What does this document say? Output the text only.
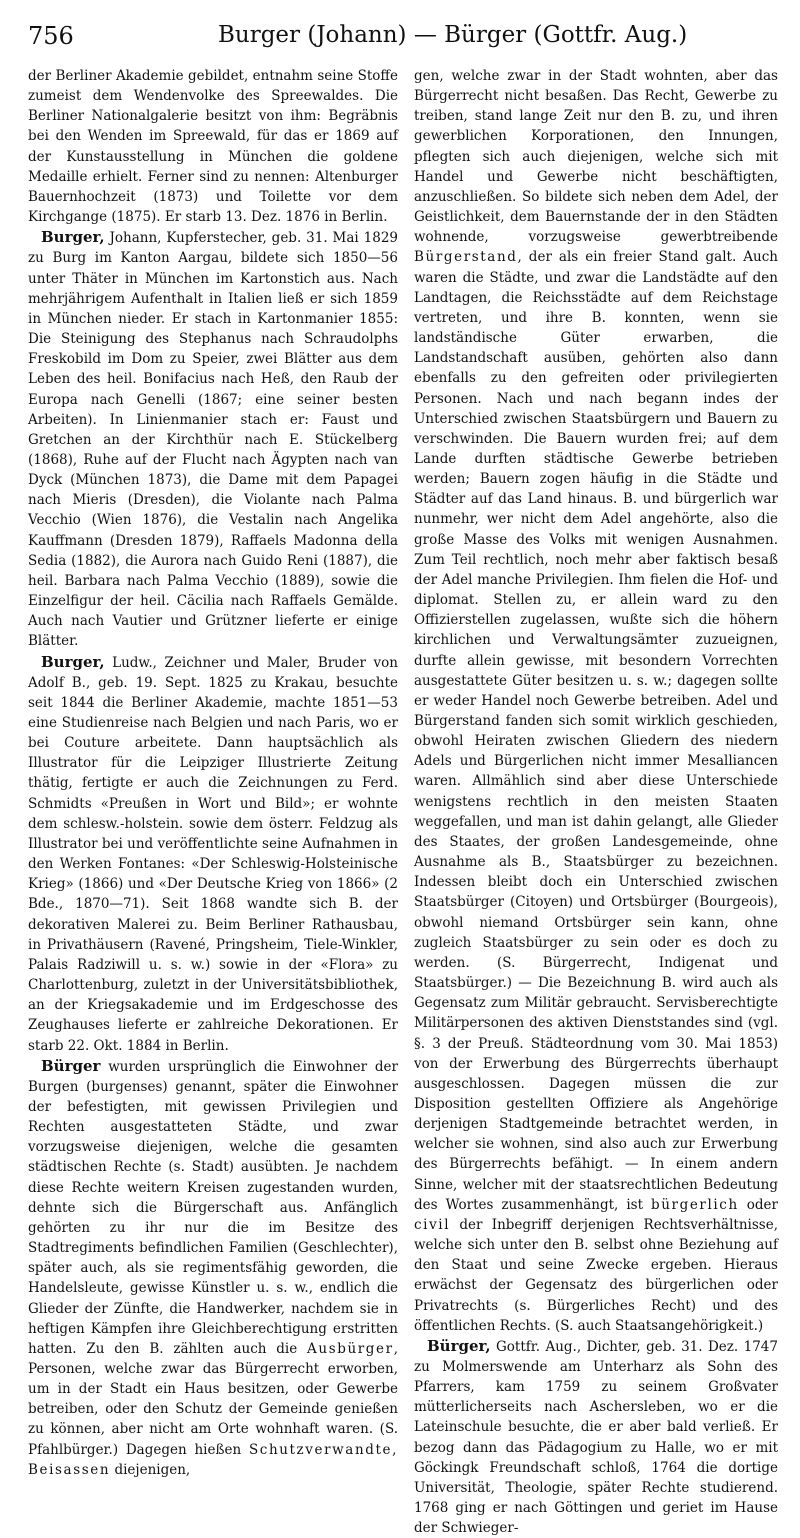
756	Burger (Johann) — Bürger (Gottfr. Aug.)

der Berliner Akademie gebildet, entnahm seine Stoffe zumeist dem Wendenvolke des Spreewaldes. Die Berliner Nationalgalerie besitzt von ihm: Begräbnis bei den Wenden im Spreewald, für das er 1869 auf der Kunstausstellung in München die goldene Medaille erhielt. Ferner sind zu nennen: Altenburger Bauernhochzeit (1873) und Toilette vor dem Kirchgange (1875). Er starb 13. Dez. 1876 in Berlin.

Burger, Johann, Kupferstecher, geb. 31. Mai 1829 zu Burg im Kanton Aargau, bildete sich 1850—56 unter Thäter in München im Kartonstich aus. Nach mehrjährigem Aufenthalt in Italien ließ er sich 1859 in München nieder. Er stach in Kartonmanier 1855: Die Steinigung des Stephanus nach Schraudolphs Freskobild im Dom zu Speier, zwei Blätter aus dem Leben des heil. Bonifacius nach Heß, den Raub der Europa nach Genelli (1867; eine seiner besten Arbeiten). In Linienmanier stach er: Faust und Gretchen an der Kirchthür nach E. Stückelberg (1868), Ruhe auf der Flucht nach Ägypten nach van Dyck (München 1873), die Dame mit dem Papagei nach Mieris (Dresden), die Violante nach Palma Vecchio (Wien 1876), die Vestalin nach Angelika Kauffmann (Dresden 1879), Raffaels Madonna della Sedia (1882), die Aurora nach Guido Reni (1887), die heil. Barbara nach Palma Vecchio (1889), sowie die Einzelfigur der heil. Cäcilia nach Raffaels Gemälde. Auch nach Vautier und Grützner lieferte er einige Blätter.

Burger, Ludw., Zeichner und Maler, Bruder von Adolf B., geb. 19. Sept. 1825 zu Krakau, besuchte seit 1844 die Berliner Akademie, machte 1851—53 eine Studienreise nach Belgien und nach Paris, wo er bei Couture arbeitete. Dann hauptsächlich als Illustrator für die Leipziger Illustrierte Zeitung thätig, fertigte er auch die Zeichnungen zu Ferd. Schmidts «Preußen in Wort und Bild»; er wohnte dem schlesw.-holstein. sowie dem österr. Feldzug als Illustrator bei und veröffentlichte seine Aufnahmen in den Werken Fontanes: «Der Schleswig-Holsteinische Krieg» (1866) und «Der Deutsche Krieg von 1866» (2 Bde., 1870—71). Seit 1868 wandte sich B. der dekorativen Malerei zu. Beim Berliner Rathausbau, in Privathäusern (Ravené, Pringsheim, Tiele-Winkler, Palais Radziwill u. s. w.) sowie in der «Flora» zu Charlottenburg, zuletzt in der Universitätsbibliothek, an der Kriegsakademie und im Erdgeschosse des Zeughauses lieferte er zahlreiche Dekorationen. Er starb 22. Okt. 1884 in Berlin.

Bürger wurden ursprünglich die Einwohner der Burgen (burgenses) genannt, später die Einwohner der befestigten, mit gewissen Privilegien und Rechten ausgestatteten Städte, und zwar vorzugsweise diejenigen, welche die gesamten städtischen Rechte (s. Stadt) ausübten. Je nachdem diese Rechte weitern Kreisen zugestanden wurden, dehnte sich die Bürgerschaft aus. Anfänglich gehörten zu ihr nur die im Besitze des Stadtregiments befindlichen Familien (Geschlechter), später auch, als sie regimentsfähig geworden, die Handelsleute, gewisse Künstler u. s. w., endlich die Glieder der Zünfte, die Handwerker, nachdem sie in heftigen Kämpfen ihre Gleichberechtigung erstritten hatten. Zu den B. zählten auch die Ausbürger, Personen, welche zwar das Bürgerrecht erworben, um in der Stadt ein Haus besitzen, oder Gewerbe betreiben, oder den Schutz der Gemeinde genießen zu können, aber nicht am Orte wohnhaft waren. (S. Pfahlbürger.) Dagegen hießen Schutzverwandte, Beisassen diejenigen,

gen, welche zwar in der Stadt wohnten, aber das Bürgerrecht nicht besaßen. Das Recht, Gewerbe zu treiben, stand lange Zeit nur den B. zu, und ihren gewerblichen Korporationen, den Innungen, pflegten sich auch diejenigen, welche sich mit Handel und Gewerbe nicht beschäftigten, anzuschließen. So bildete sich neben dem Adel, der Geistlichkeit, dem Bauernstande der in den Städten wohnende, vorzugsweise gewerbtreibende Bürgerstand, der als ein freier Stand galt. Auch waren die Städte, und zwar die Landstädte auf den Landtagen, die Reichsstädte auf dem Reichstage vertreten, und ihre B. konnten, wenn sie landständische Güter erwarben, die Landstandschaft ausüben, gehörten also dann ebenfalls zu den gefreiten oder privilegierten Personen. Nach und nach begann indes der Unterschied zwischen Staatsbürgern und Bauern zu verschwinden. Die Bauern wurden frei; auf dem Lande durften städtische Gewerbe betrieben werden; Bauern zogen häufig in die Städte und Städter auf das Land hinaus. B. und bürgerlich war nunmehr, wer nicht dem Adel angehörte, also die große Masse des Volks mit wenigen Ausnahmen. Zum Teil rechtlich, noch mehr aber faktisch besaß der Adel manche Privilegien. Ihm fielen die Hof- und diplomat. Stellen zu, er allein ward zu den Offizierstellen zugelassen, wußte sich die höhern kirchlichen und Verwaltungsämter zuzueignen, durfte allein gewisse, mit besondern Vorrechten ausgestattete Güter besitzen u. s. w.; dagegen sollte er weder Handel noch Gewerbe betreiben. Adel und Bürgerstand fanden sich somit wirklich geschieden, obwohl Heiraten zwischen Gliedern des niedern Adels und Bürgerlichen nicht immer Mesalliancen waren. Allmählich sind aber diese Unterschiede wenigstens rechtlich in den meisten Staaten weggefallen, und man ist dahin gelangt, alle Glieder des Staates, der großen Landesgemeinde, ohne Ausnahme als B., Staatsbürger zu bezeichnen. Indessen bleibt doch ein Unterschied zwischen Staatsbürger (Citoyen) und Ortsbürger (Bourgeois), obwohl niemand Ortsbürger sein kann, ohne zugleich Staatsbürger zu sein oder es doch zu werden. (S. Bürgerrecht, Indigenat und Staatsbürger.) — Die Bezeichnung B. wird auch als Gegensatz zum Militär gebraucht. Servisberechtigte Militärpersonen des aktiven Dienststandes sind (vgl. §. 3 der Preuß. Städteordnung vom 30. Mai 1853) von der Erwerbung des Bürgerrechts überhaupt ausgeschlossen. Dagegen müssen die zur Disposition gestellten Offiziere als Angehörige derjenigen Stadtgemeinde betrachtet werden, in welcher sie wohnen, sind also auch zur Erwerbung des Bürgerrechts befähigt. — In einem andern Sinne, welcher mit der staatsrechtlichen Bedeutung des Wortes zusammenhängt, ist bürgerlich oder civil der Inbegriff derjenigen Rechtsverhältnisse, welche sich unter den B. selbst ohne Beziehung auf den Staat und seine Zwecke ergeben. Hieraus erwächst der Gegensatz des bürgerlichen oder Privatrechts (s. Bürgerliches Recht) und des öffentlichen Rechts. (S. auch Staatsangehörigkeit.)

Bürger, Gottfr. Aug., Dichter, geb. 31. Dez. 1747 zu Molmerswende am Unterharz als Sohn des Pfarrers, kam 1759 zu seinem Großvater mütterlicherseits nach Aschersleben, wo er die Lateinschule besuchte, die er aber bald verließ. Er bezog dann das Pädagogium zu Halle, wo er mit Göckingk Freundschaft schloß, 1764 die dortige Universität, Theologie, später Rechte studierend. 1768 ging er nach Göttingen und geriet im Hause der Schwieger-
